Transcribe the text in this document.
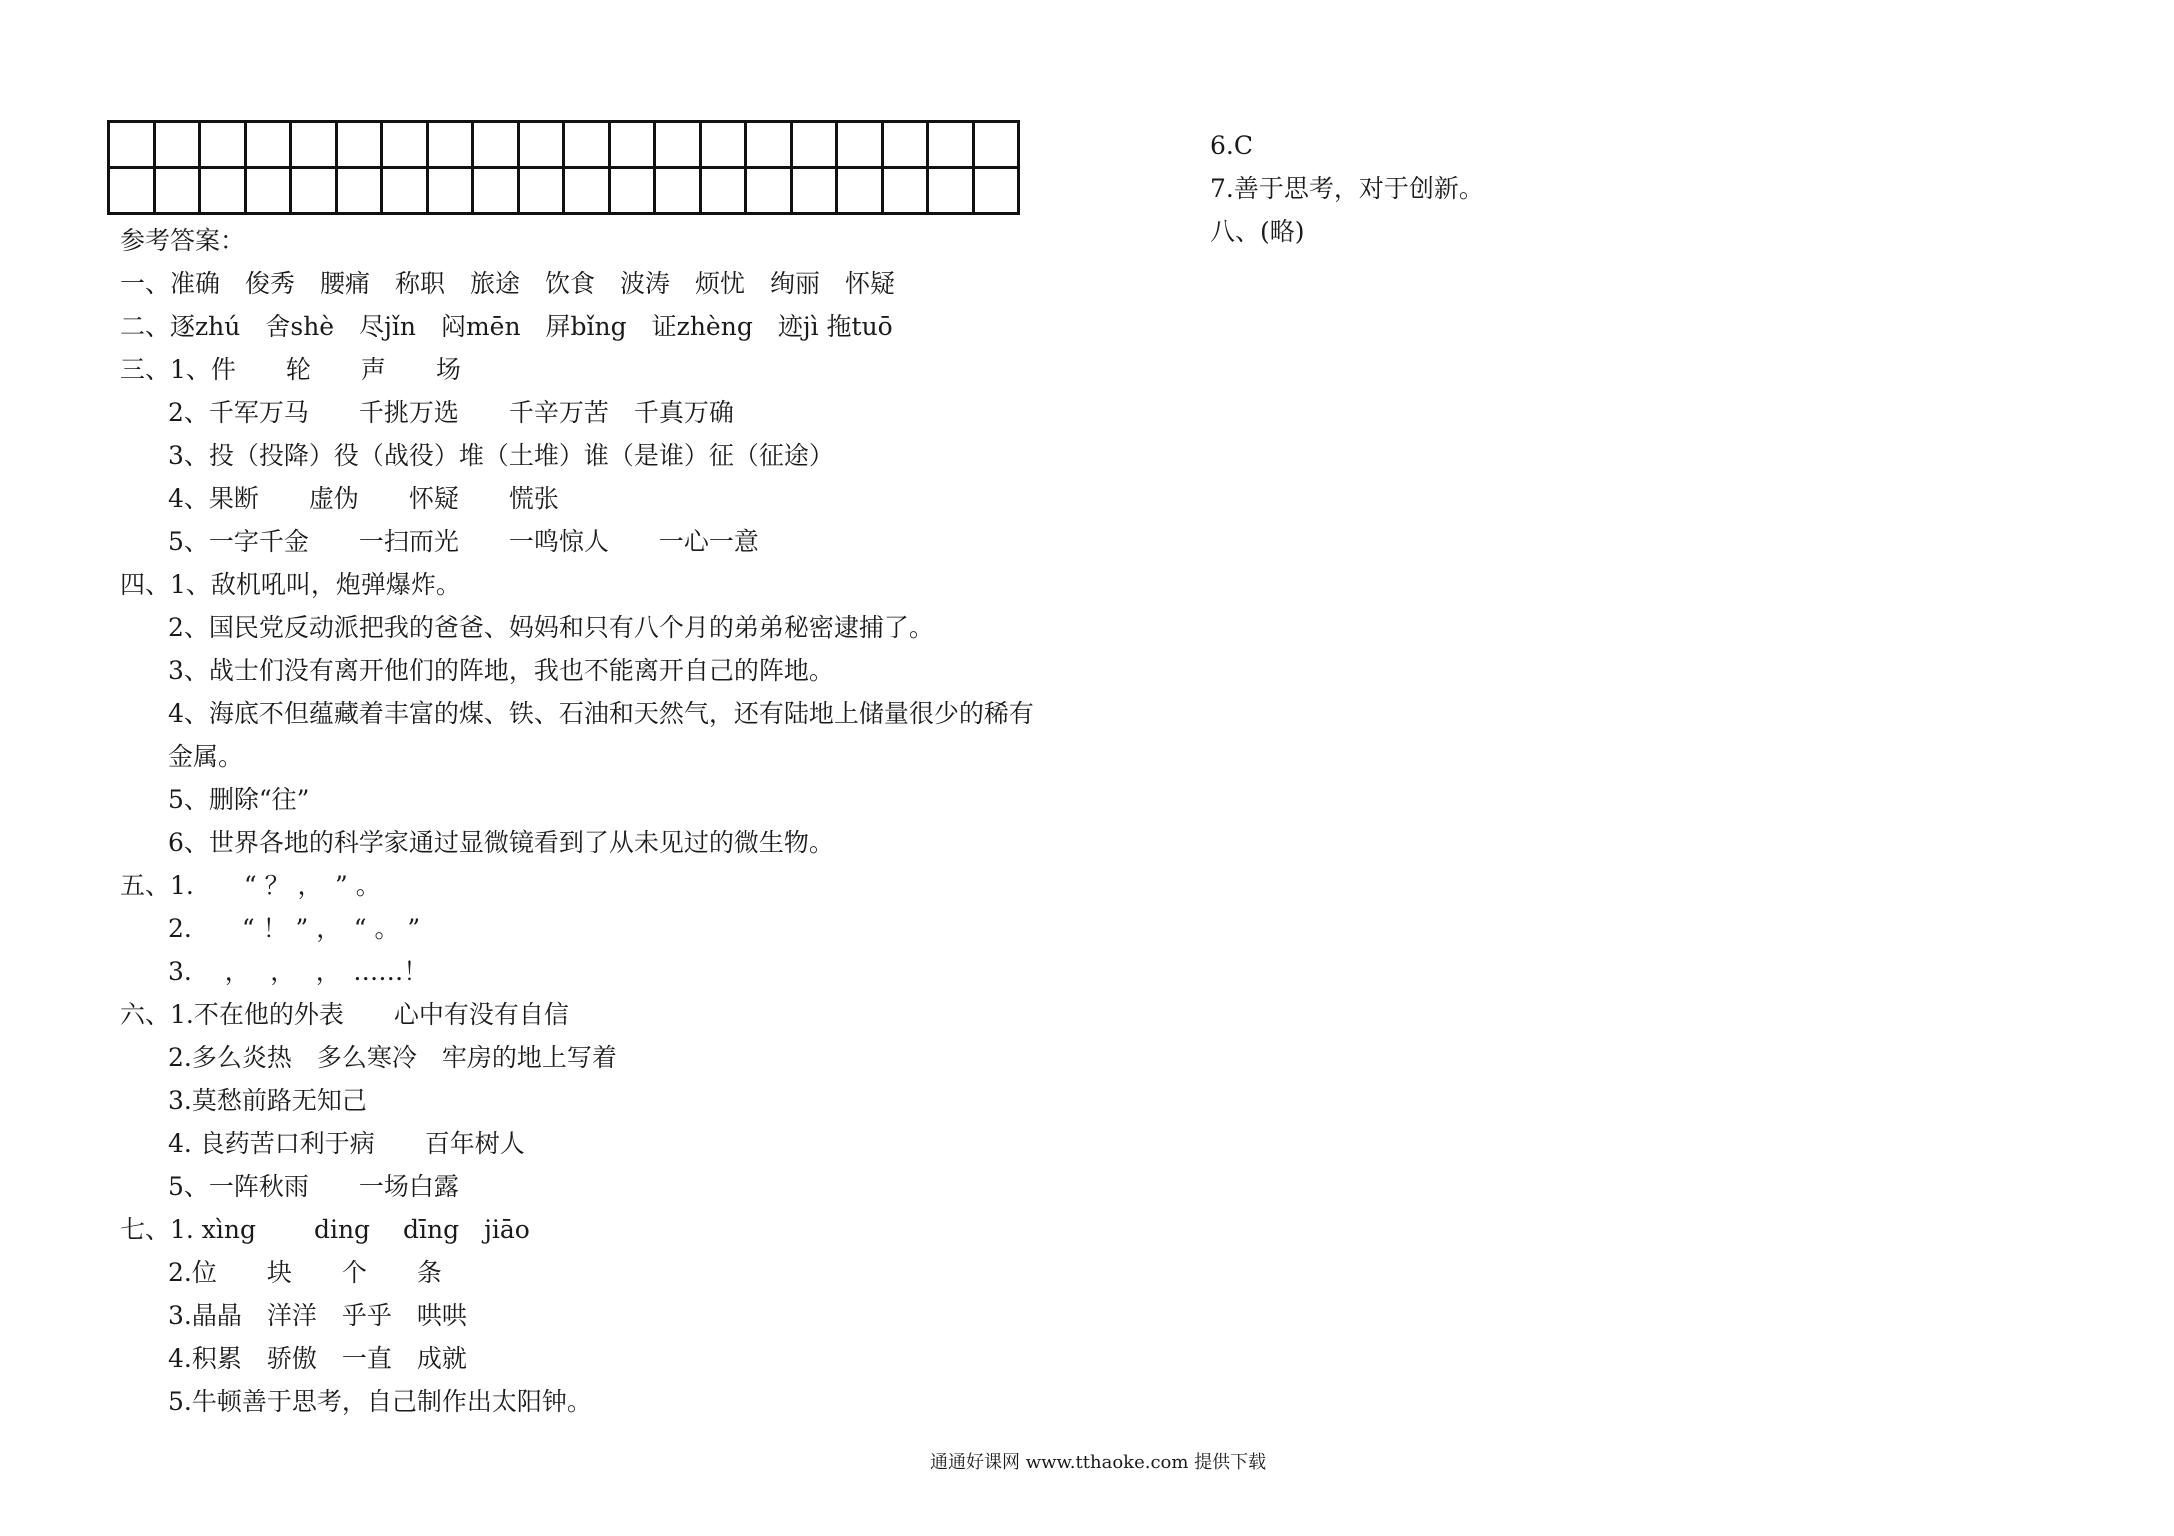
参考答案：
一、准确　俊秀　腰痛　称职　旅途　饮食　波涛　烦忧　绚丽　怀疑
二、逐zhú　舍shè　尽jǐn　闷mēn　屏bǐng　证zhèng　迹jì 拖tuō
三、1、件　　轮　　声　　场
2、千军万马　　千挑万选　　千辛万苦　千真万确
3、投（投降）役（战役）堆（土堆）谁（是谁）征（征途）
4、果断　　虚伪　　怀疑　　慌张
5、一字千金　　一扫而光　　一鸣惊人　　一心一意
四、1、敌机吼叫，炮弹爆炸。
2、国民党反动派把我的爸爸、妈妈和只有八个月的弟弟秘密逮捕了。
3、战士们没有离开他们的阵地，我也不能离开自己的阵地。
4、海底不但蕴藏着丰富的煤、铁、石油和天然气，还有陆地上储量很少的稀有
金属。
5、删除“往”
6、世界各地的科学家通过显微镜看到了从未见过的微生物。
五、1.　　“ ？ ，　” 。
2.　　“ ！ ” ，　“ 。 ”
3.　 ，　 ，　 ，　……！
六、1.不在他的外表　　心中有没有自信
2.多么炎热　多么寒冷　牢房的地上写着
3.莫愁前路无知己
4. 良药苦口利于病　　百年树人
5、一阵秋雨　　一场白露
七、1. xìng　　 ding　 dīng　jiāo
2.位　　块　　个　　条
3.晶晶　洋洋　乎乎　哄哄
4.积累　骄傲　一直　成就
5.牛顿善于思考，自己制作出太阳钟。
6.C
7.善于思考，对于创新。
八、(略)
通通好课网 www.tthaoke.com 提供下载
